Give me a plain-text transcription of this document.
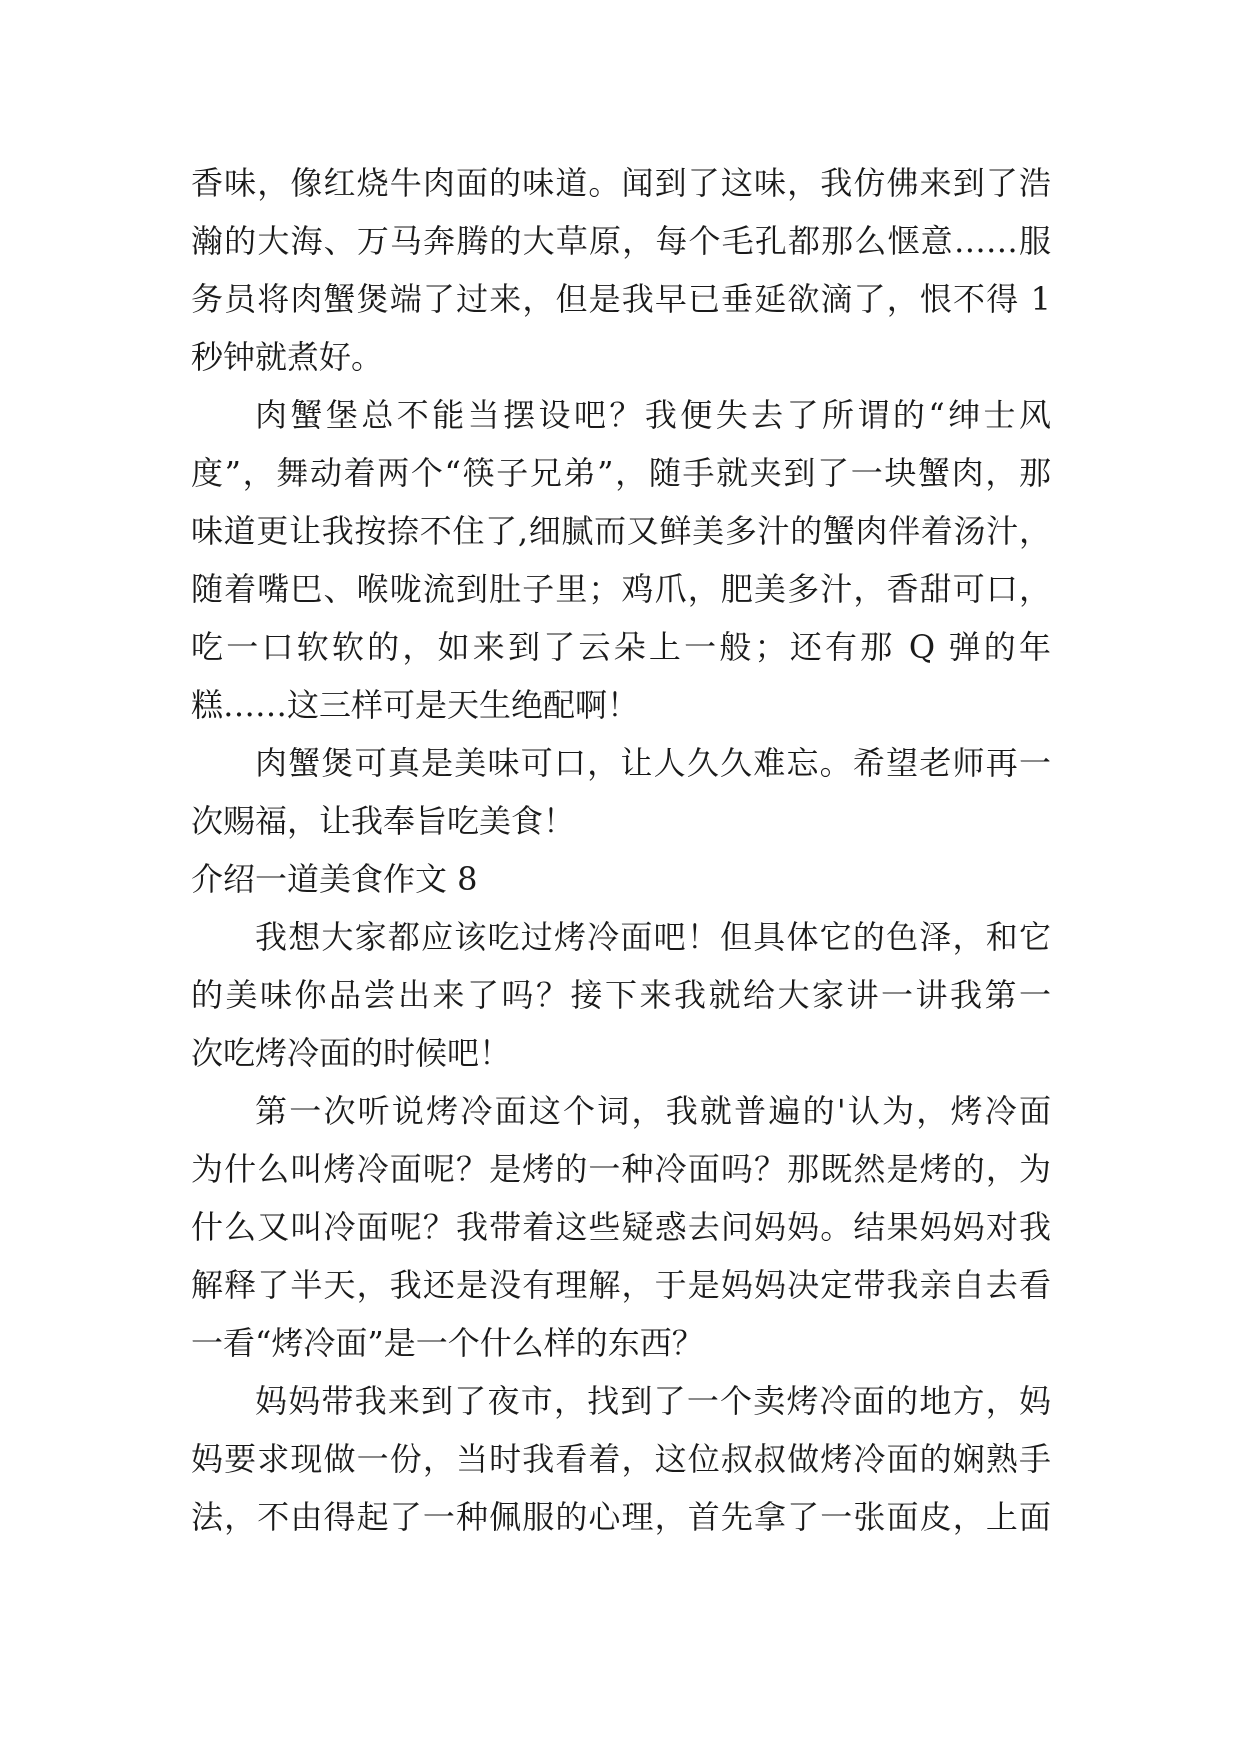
香味，像红烧牛肉面的味道。闻到了这味，我仿佛来到了浩
瀚的大海、万马奔腾的大草原，每个毛孔都那么惬意……服
务员将肉蟹煲端了过来，但是我早已垂延欲滴了，恨不得 1
秒钟就煮好。
肉蟹堡总不能当摆设吧？我便失去了所谓的“绅士风
度”，舞动着两个“筷子兄弟”，随手就夹到了一块蟹肉，那
味道更让我按捺不住了,细腻而又鲜美多汁的蟹肉伴着汤汁，
随着嘴巴、喉咙流到肚子里；鸡爪，肥美多汁，香甜可口，
吃一口软软的，如来到了云朵上一般；还有那 Q 弹的年
糕……这三样可是天生绝配啊！
肉蟹煲可真是美味可口，让人久久难忘。希望老师再一
次赐福，让我奉旨吃美食！
介绍一道美食作文 8
我想大家都应该吃过烤冷面吧！但具体它的色泽，和它
的美味你品尝出来了吗？接下来我就给大家讲一讲我第一
次吃烤冷面的时候吧！
第一次听说烤冷面这个词，我就普遍的'认为，烤冷面
为什么叫烤冷面呢？是烤的一种冷面吗？那既然是烤的，为
什么又叫冷面呢？我带着这些疑惑去问妈妈。结果妈妈对我
解释了半天，我还是没有理解，于是妈妈决定带我亲自去看
一看“烤冷面”是一个什么样的东西？
妈妈带我来到了夜市，找到了一个卖烤冷面的地方，妈
妈要求现做一份，当时我看着，这位叔叔做烤冷面的娴熟手
法，不由得起了一种佩服的心理，首先拿了一张面皮，上面
